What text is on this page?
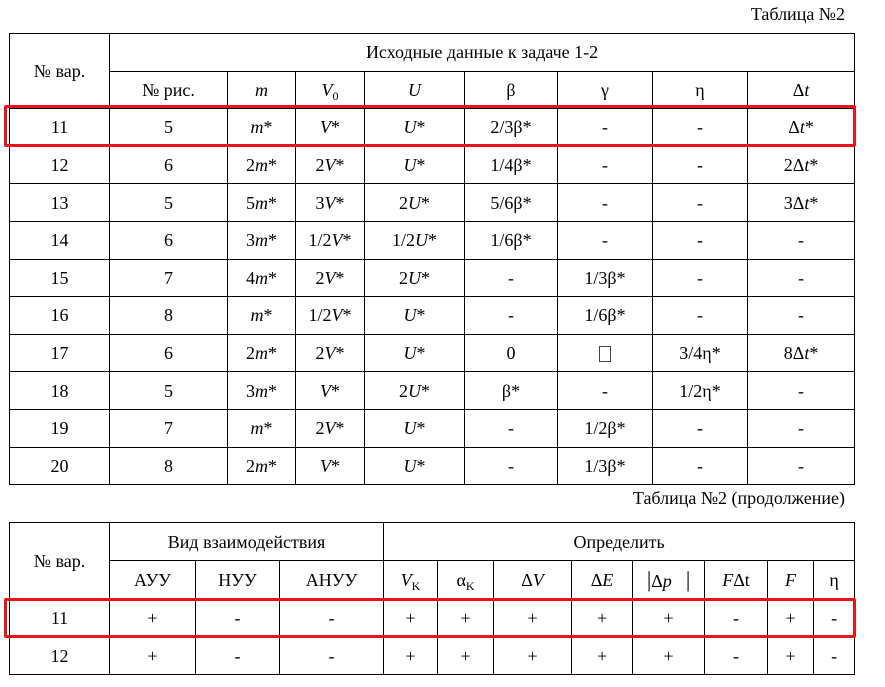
Таблица №2
№ вар.	Исходные данные к задаче 1-2							
	№ рис.	m	$V_0$	U	β	γ	η	Δt
11	5	m*	V*	U*	2/3β*	-	-	Δt*
12	6	2m*	2V*	U*	1/4β*	-	-	2Δt*
13	5	5m*	3V*	2U*	5/6β*	-	-	3Δt*
14	6	3m*	1/2V*	1/2U*	1/6β*	-	-	-
15	7	4m*	2V*	2U*	-	1/3β*	-	-
16	8	m*	1/2V*	U*	-	1/6β*	-	-
17	6	2m*	2V*	U*	0		3/4η*	8Δt*
18	5	3m*	V*	2U*	β*	-	1/2η*	-
19	7	m*	2V*	U*	-	1/2β*	-	-
20	8	2m*	V*	U*	-	1/3β*	-	-
Таблица №2 (продолжение)
№ вар.	Вид взаимодействия			Определить							
	АУУ	НУУ	АНУУ	$V_K$	$\alpha_K$	ΔV	ΔE	|Δp⃗|	FΔt	F	η
11	+	-	-	+	+	+	+	+	-	+	-
12	+	-	-	+	+	+	+	+	-	+	-
